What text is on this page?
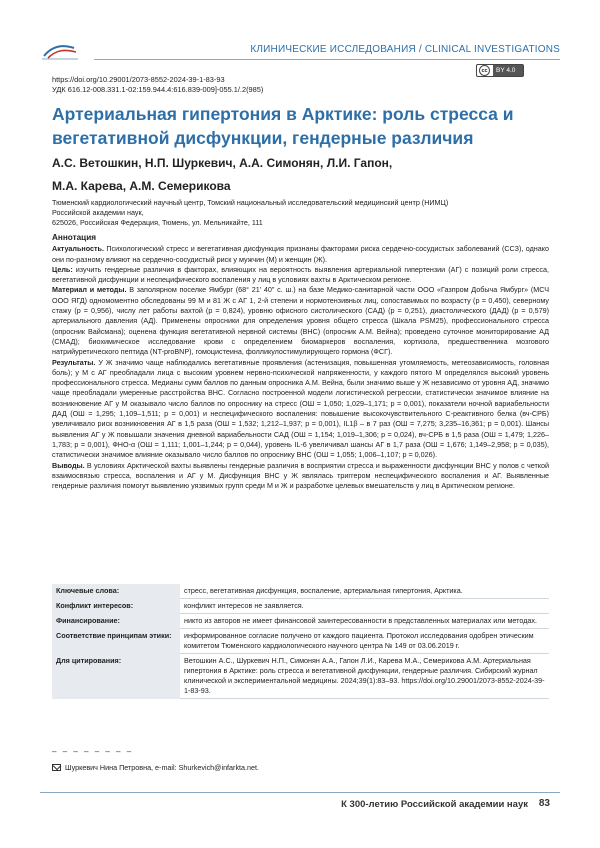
КЛИНИЧЕСКИЕ ИССЛЕДОВАНИЯ / CLINICAL INVESTIGATIONS
https://doi.org/10.29001/2073-8552-2024-39-1-83-93
УДК 616.12-008.331.1-02:159.944.4:616.839-009]-055.1/.2(985)
cc	BY 4.0
Артериальная гипертония в Арктике: роль стресса и вегетативной дисфункции, гендерные различия
А.С. Ветошкин, Н.П. Шуркевич, А.А. Симонян, Л.И. Гапон,
М.А. Карева, А.М. Семерикова
Тюменский кардиологический научный центр, Томский национальный исследовательский медицинский центр (НИМЦ)
Российской академии наук,
625026, Российская Федерация, Тюмень, ул. Мельникайте, 111
Аннотация

Актуальность. Психологический стресс и вегетативная дисфункция признаны факторами риска сердечно-сосудистых заболеваний (ССЗ), однако они по-разному влияют на сердечно-сосудистый риск у мужчин (М) и женщин (Ж).

Цель: изучить гендерные различия в факторах, влияющих на вероятность выявления артериальной гипертензии (АГ) с позиций роли стресса, вегетативной дисфункции и неспецифического воспаления у лиц в условиях вахты в Арктическом регионе.

Материал и методы. В заполярном поселке Ямбург (68° 21' 40" с. ш.) на базе Медико-санитарной части ООО «Газпром Добыча Ямбург» (МСЧ ООО ЯГД) одномоментно обследованы 99 М и 81 Ж с АГ 1, 2-й степени и нормотензивных лиц, сопоставимых по возрасту (p = 0,450), северному стажу (p = 0,956), числу лет работы вахтой (p = 0,824), уровню офисного систолического (САД) (p = 0,251), диастолического (ДАД) (p = 0,579) артериального давления (АД). Применены опросники для определения уровня общего стресса (Шкала PSM25), профессионального стресса (опросник Вайсмана); оценена функция вегетативной нервной системы (ВНС) (опросник А.М. Вейна); проведено суточное мониторирование АД (СМАД); биохимическое исследование крови с определением биомаркеров воспаления, кортизола, предшественника мозгового натрийуретического пептида (NT-proBNP), гомоцистеина, фолликулостимулирующего гормона (ФСГ).

Результаты. У Ж значимо чаще наблюдались вегетативные проявления (астенизация, повышенная утомляемость, метеозависимость, головная боль); у М с АГ преобладали лица с высоким уровнем нервно-психической напряженности, у каждого пятого М определялся высокий уровень профессионального стресса. Медианы сумм баллов по данным опросника А.М. Вейна, были значимо выше у Ж независимо от уровня АД, значимо чаще преобладали умеренные расстройства ВНС. Согласно построенной модели логистической регрессии, статистически значимое влияние на возникновение АГ у М оказывало число баллов по опроснику на стресс (ОШ = 1,050; 1,029–1,171; p = 0,001), показатели ночной вариабельности ДАД (ОШ = 1,295; 1,109–1,511; p = 0,001) и неспецифического воспаления: повышение высокочувствительного С-реактивного белка (вч-СРБ) увеличивало риск возникновения АГ в 1,5 раза (ОШ = 1,532; 1,212–1,937; p = 0,001), IL1β – в 7 раз (ОШ = 7,275; 3,235–16,361; p = 0,001). Шансы выявления АГ у Ж повышали значения дневной вариабельности САД (ОШ = 1,154; 1,019–1,306; p = 0,024), вч-СРБ в 1,5 раза (ОШ = 1,479; 1,226–1,783; p = 0,001), ФНО-α (ОШ = 1,111; 1,001–1,244; p = 0,044), уровень IL-6 увеличивал шансы АГ в 1,7 раза (ОШ = 1,676; 1,149–2,958; p = 0,035), статистически значимое влияние оказывало число баллов по опроснику ВНС (ОШ = 1,055; 1,006–1,107; p = 0,026).

Выводы. В условиях Арктической вахты выявлены гендерные различия в восприятии стресса и выраженности дисфункции ВНС у полов с четкой взаимосвязью стресса, воспаления и АГ у М. Дисфункция ВНС у Ж являлась триггером неспецифического воспаления и АГ. Выявленные гендерные различия помогут выявлению уязвимых групп среди М и Ж и разработке целевых вмешательств у лиц в Арктическом регионе.

Ключевые слова:	стресс, вегетативная дисфункция, воспаление, артериальная гипертония, Арктика.
Конфликт интересов:	конфликт интересов не заявляется.
Финансирование:	никто из авторов не имеет финансовой заинтересованности в представленных материалах или методах.
Соответствие принципам этики:	информированное согласие получено от каждого пациента. Протокол исследования одобрен этическим комитетом Тюменского кардиологического научного центра № 149 от 03.06.2019 г.
Для цитирования:	Ветошкин А.С., Шуркевич Н.П., Симонян А.А., Гапон Л.И., Карева М.А., Семерикова А.М. Артериальная гипертония в Арктике: роль стресса и вегетативной дисфункции, гендерные различия. Сибирский журнал клинической и экспериментальной медицины. 2024;39(1):83–93. https://doi.org/10.29001/2073-8552-2024-39-1-83-93.
– – – – – – – –
Шуркевич Нина Петровна, e-mail: Shurkevich@infarkta.net.
К 300-летию Российской академии наук 83
